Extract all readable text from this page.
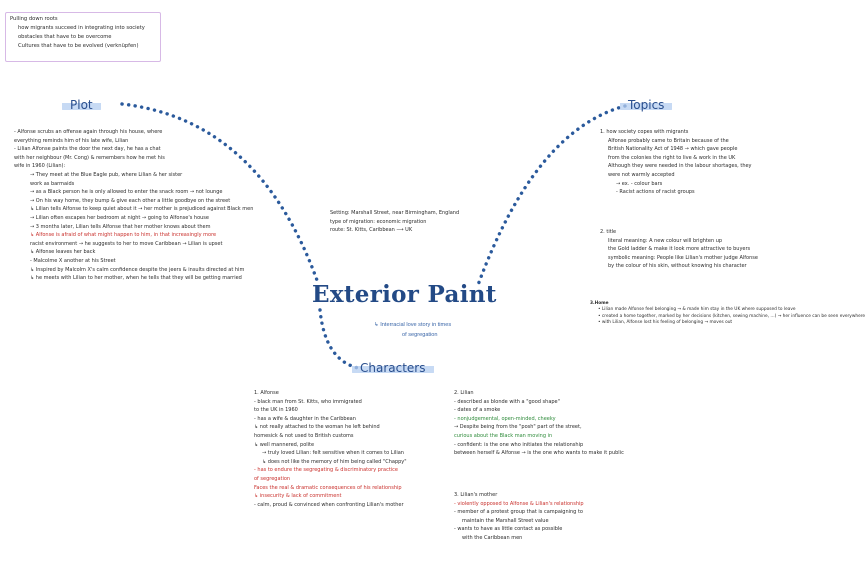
Pulling down roots
how migrants succeed in integrating into society
obstacles that have to be overcome
Cultures that have to be evolved (verknüpfen)
Plot	Topics
Characters
Exterior Paint
↳ Interracial love story in times
of segregation
Setting: Marshall Street, near Birmingham, England
type of migration: economic migration
route: St. Kitts, Caribbean ⟶ UK
- Alfonse scrubs an offense again through his house, where
everything reminds him of his late wife, Lilian
- Lilian Alfonse paints the door the next day, he has a chat
with her neighbour (Mr. Cong) & remembers how he met his
wife in 1960 (Lilian):
→ They meet at the Blue Eagle pub, where Lilian & her sister
work as barmaids
→ as a Black person he is only allowed to enter the snack room → not lounge
→ On his way home, they bump & give each other a little goodbye on the street
↳ Lilian tells Alfonse to keep quiet about it → her mother is prejudiced against Black men
→ Lilian often escapes her bedroom at night → going to Alfonse's house
→ 3 months later, Lilian tells Alfonse that her mother knows about them
↳ Alfonse is afraid of what might happen to him, in that increasingly more
racist environment → he suggests to her to move Caribbean → Lilian is upset
↳ Alfonse leaves her back
- Malcolme X another at his Street
↳ Inspired by Malcolm X's calm confidence despite the jeers & insults directed at him
↳ he meets with Lilian to her mother, when he tells that they will be getting married
1. how society copes with migrants
Alfonse probably came to Britain because of the
British Nationality Act of 1948 → which gave people
from the colonies the right to live & work in the UK
Although they were needed in the labour shortages, they
were not warmly accepted
→ ex. - colour bars
- Racist actions of racist groups
2. title
literal meaning: A new colour will brighten up
the Gold ladder & make it look more attractive to buyers
symbolic meaning: People like Lilian's mother judge Alfonse
by the colour of his skin, without knowing his character
3.Home
• Lilian made Alfonse feel belonging → & made him stay in the UK where supposed to leave
• created a home together, marked by her decisions (kitchen, sewing machine, …) → her influence can be seen everywhere
• with Lilian, Alfonse lost his feeling of belonging → moves out
1. Alfonse
- black man from St. Kitts, who immigrated
to the UK in 1960
- has a wife & daughter in the Caribbean
↳ not really attached to the woman he left behind
homesick & not used to British customs
↳ well mannered, polite
→ truly loved Lilian: felt sensitive when it comes to Lilian
↳ does not like the memory of him being called "Chappy"
- has to endure the segregating & discriminatory practice
of segregation
Faces the real & dramatic consequences of his relationship
↳ insecurity & lack of commitment
- calm, proud & convinced when confronting Lilian's mother
2. Lilian
- described as blonde with a "good shape"
- dates of a smoke
- nonjudgemental, open-minded, cheeky
→ Despite being from the "posh" part of the street,
curious about the Black man moving in
- confident: is the one who initiates the relationship
between herself & Alfonse → is the one who wants to make it public
3. Lilian's mother
- violently opposed to Alfonse & Lilian's relationship
- member of a protest group that is campaigning to
maintain the Marshall Street value
- wants to have as little contact as possible
with the Caribbean men
